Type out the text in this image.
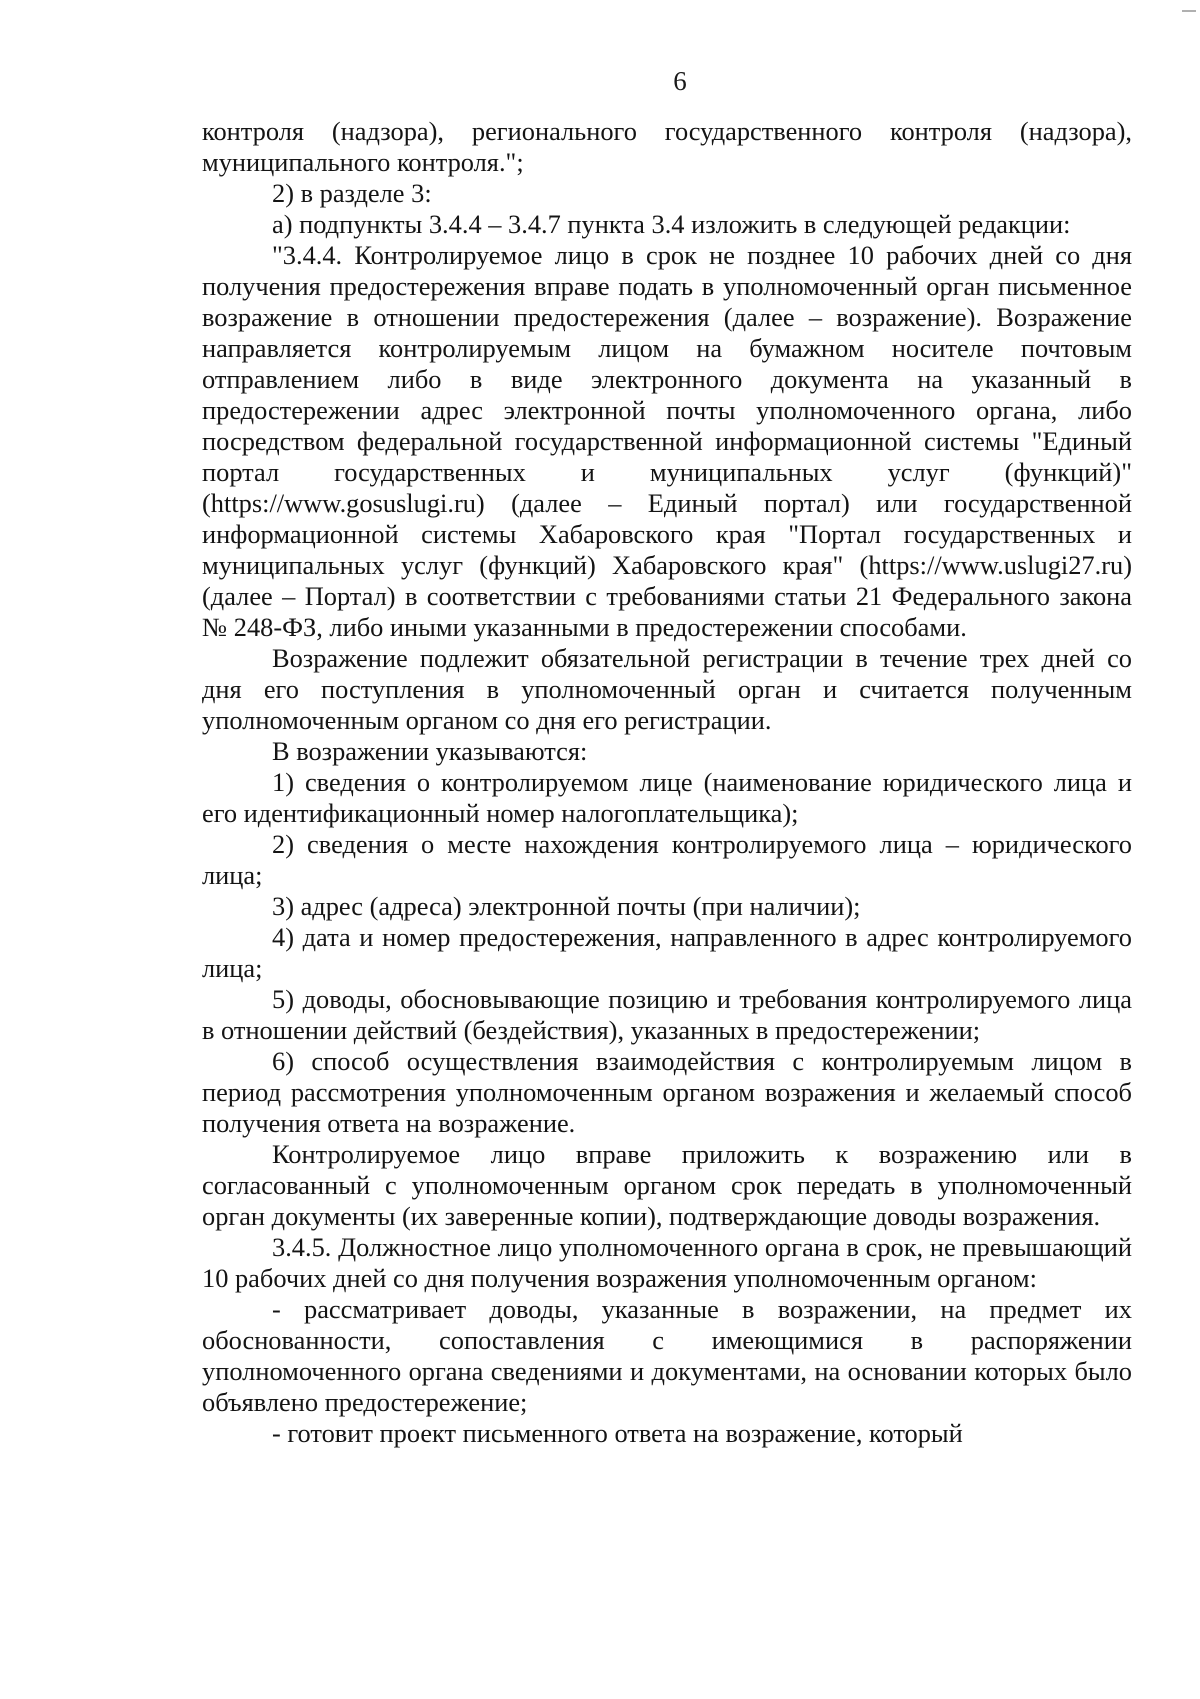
6

контроля (надзора), регионального государственного контроля (надзора), муниципального контроля.";

2) в разделе 3:

а) подпункты 3.4.4 – 3.4.7 пункта 3.4 изложить в следующей редакции:

"3.4.4. Контролируемое лицо в срок не позднее 10 рабочих дней со дня получения предостережения вправе подать в уполномоченный орган письменное возражение в отношении предостережения (далее – возражение). Возражение направляется контролируемым лицом на бумажном носителе почтовым отправлением либо в виде электронного документа на указанный в предостережении адрес электронной почты уполномоченного органа, либо посредством федеральной государственной информационной системы "Единый портал государственных и муниципальных услуг (функций)" (https://www.gosuslugi.ru) (далее – Единый портал) или государственной информационной системы Хабаровского края "Портал государственных и муниципальных услуг (функций) Хабаровского края" (https://www.uslugi27.ru) (далее – Портал) в соответствии с требованиями статьи 21 Федерального закона № 248-ФЗ, либо иными указанными в предостережении способами.

Возражение подлежит обязательной регистрации в течение трех дней со дня его поступления в уполномоченный орган и считается полученным уполномоченным органом со дня его регистрации.

В возражении указываются:

1) сведения о контролируемом лице (наименование юридического лица и его идентификационный номер налогоплательщика);

2) сведения о месте нахождения контролируемого лица – юридического лица;

3) адрес (адреса) электронной почты (при наличии);

4) дата и номер предостережения, направленного в адрес контролируемого лица;

5) доводы, обосновывающие позицию и требования контролируемого лица в отношении действий (бездействия), указанных в предостережении;

6) способ осуществления взаимодействия с контролируемым лицом в период рассмотрения уполномоченным органом возражения и желаемый способ получения ответа на возражение.

Контролируемое лицо вправе приложить к возражению или в согласованный с уполномоченным органом срок передать в уполномоченный орган документы (их заверенные копии), подтверждающие доводы возражения.

3.4.5. Должностное лицо уполномоченного органа в срок, не превышающий 10 рабочих дней со дня получения возражения уполномоченным органом:

- рассматривает доводы, указанные в возражении, на предмет их обоснованности, сопоставления с имеющимися в распоряжении уполномоченного органа сведениями и документами, на основании которых было объявлено предостережение;

- готовит проект письменного ответа на возражение, который
